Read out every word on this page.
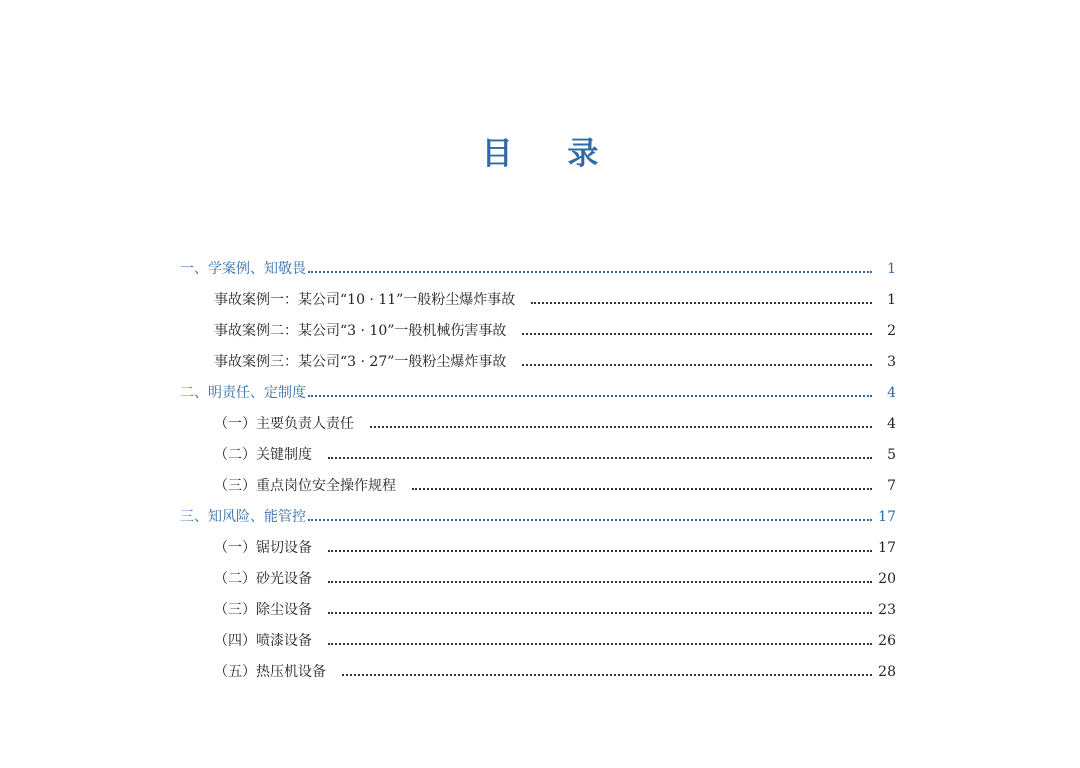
目 录
一、学案例、知敬畏	1
事故案例一：某公司“10 · 11”一般粉尘爆炸事故	1
事故案例二：某公司“3 · 10”一般机械伤害事故	2
事故案例三：某公司“3 · 27”一般粉尘爆炸事故	3
二、明责任、定制度	4
（一）主要负责人责任	4
（二）关键制度	5
（三）重点岗位安全操作规程	7
三、知风险、能管控	17
（一）锯切设备	17
（二）砂光设备	20
（三）除尘设备	23
（四）喷漆设备	26
（五）热压机设备	28
